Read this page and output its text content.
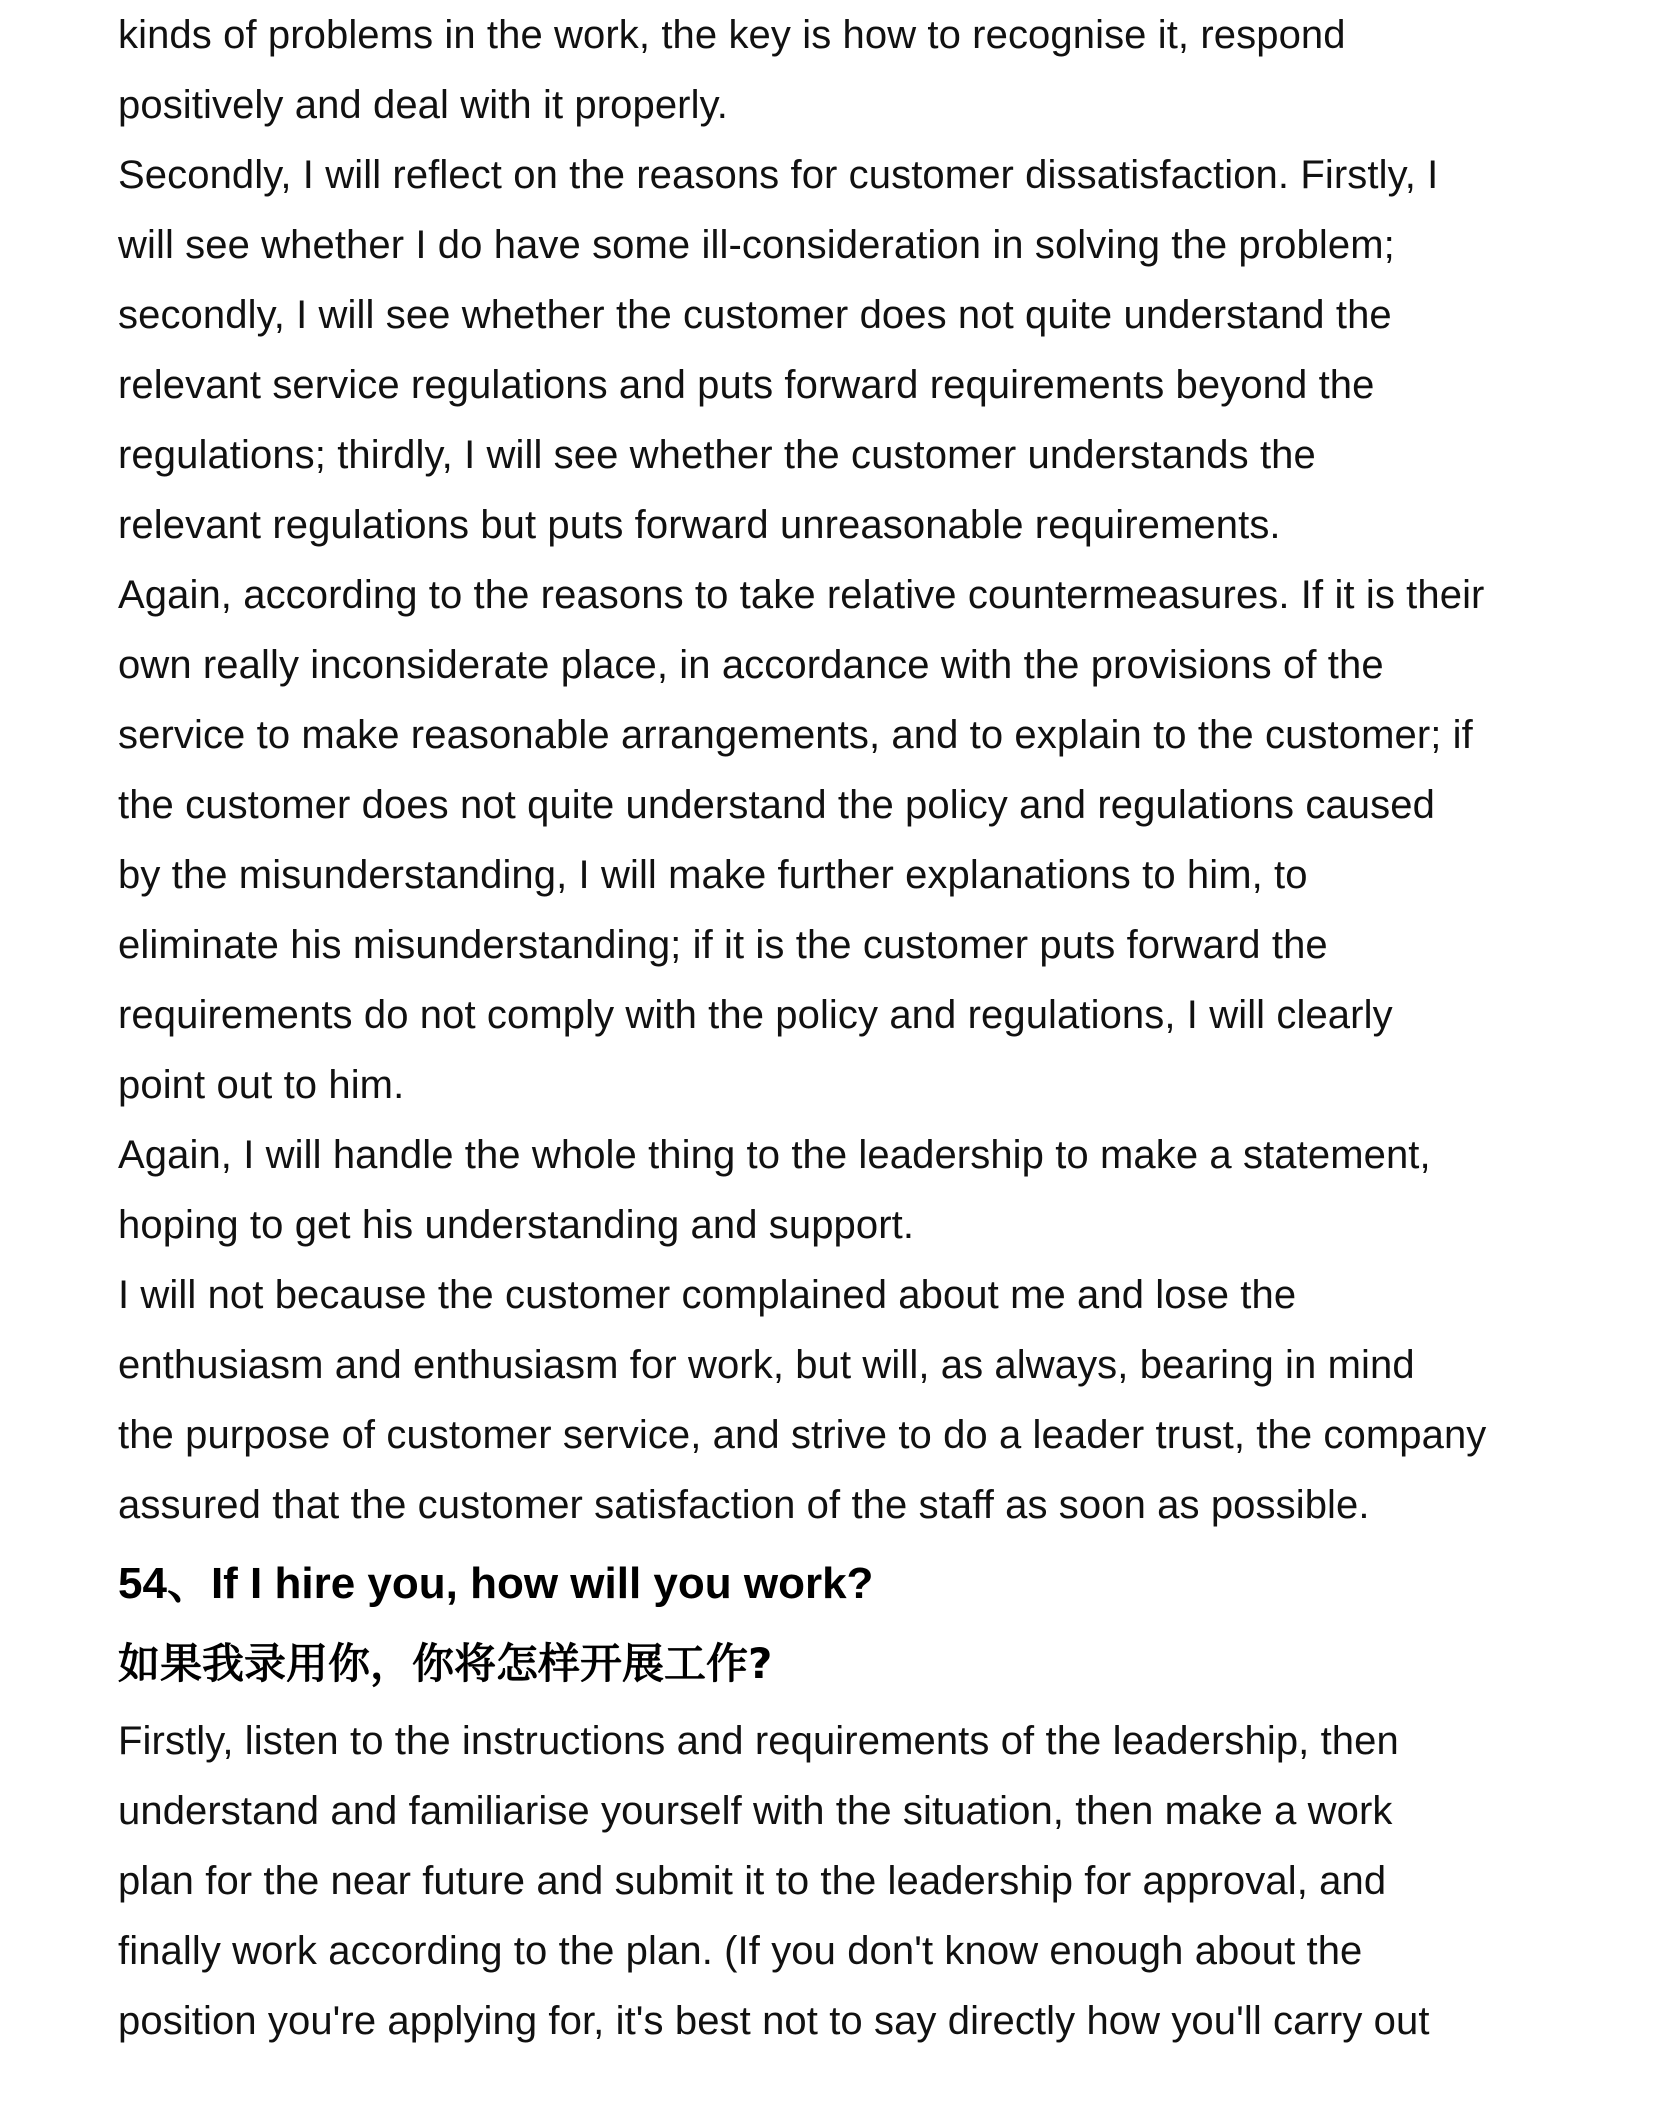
kinds of problems in the work, the key is how to recognise it, respond
positively and deal with it properly.
Secondly, I will reflect on the reasons for customer dissatisfaction. Firstly, I
will see whether I do have some ill-consideration in solving the problem;
secondly, I will see whether the customer does not quite understand the
relevant service regulations and puts forward requirements beyond the
regulations; thirdly, I will see whether the customer understands the
relevant regulations but puts forward unreasonable requirements.
Again, according to the reasons to take relative countermeasures. If it is their
own really inconsiderate place, in accordance with the provisions of the
service to make reasonable arrangements, and to explain to the customer; if
the customer does not quite understand the policy and regulations caused
by the misunderstanding, I will make further explanations to him, to
eliminate his misunderstanding; if it is the customer puts forward the
requirements do not comply with the policy and regulations, I will clearly
point out to him.
Again, I will handle the whole thing to the leadership to make a statement,
hoping to get his understanding and support.
I will not because the customer complained about me and lose the
enthusiasm and enthusiasm for work, but will, as always, bearing in mind
the purpose of customer service, and strive to do a leader trust, the company
assured that the customer satisfaction of the staff as soon as possible.
54、If I hire you, how will you work?
如果我录用你，你将怎样开展工作?
Firstly, listen to the instructions and requirements of the leadership, then
understand and familiarise yourself with the situation, then make a work
plan for the near future and submit it to the leadership for approval, and
finally work according to the plan. (If you don't know enough about the
position you're applying for, it's best not to say directly how you'll carry out
